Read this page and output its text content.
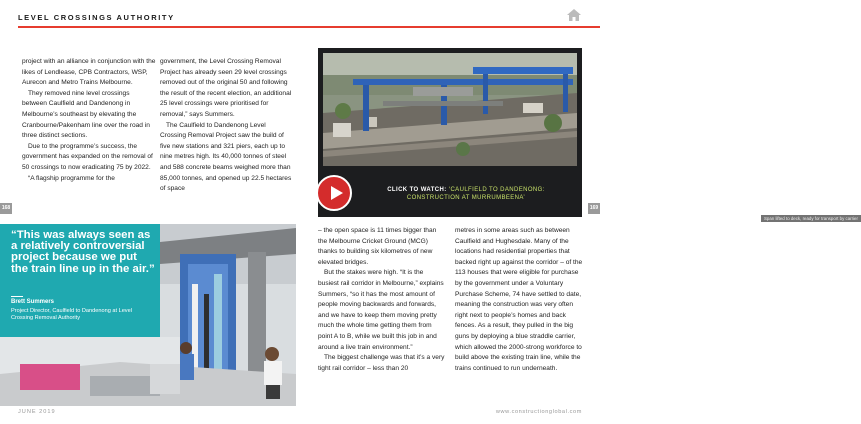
LEVEL CROSSINGS AUTHORITY

project with an alliance in conjunction with the likes of Lendlease, CPB Contractors, WSP, Aurecon and Metro Trains Melbourne.

They removed nine level crossings between Caulfield and Dandenong in Melbourne’s southeast by elevating the Cranbourne/Pakenham line over the road in three distinct sections.

Due to the programme’s success, the government has expanded on the removal of 50 crossings to now eradicating 75 by 2022.

“A flagship programme for the

government, the Level Crossing Removal Project has already seen 29 level crossings removed out of the original 50 and following the result of the recent election, an additional 25 level crossings were prioritised for removal,” says Summers.

The Caulfield to Dandenong Level Crossing Removal Project saw the build of five new stations and 321 piers, each up to nine metres high. Its 40,000 tonnes of steel and 588 concrete beams weighed more than 85,000 tonnes, and opened up 22.5 hectares of space

168	169
Span lifted to deck, ready for transport by carrier
CLICK TO WATCH: ‘CAULFIELD TO DANDENONG:
CONSTRUCTION AT MURRUMBEENA’
“This was always seen as a relatively controversial project because we put the train line up in the air.”
Brett Summers
Project Director, Caulfield to Dandenong at Level Crossing Removal Authority

– the open space is 11 times bigger than the Melbourne Cricket Ground (MCG) thanks to building six kilometres of new elevated bridges.

But the stakes were high. “It is the busiest rail corridor in Melbourne,” explains Summers, “so it has the most amount of people moving backwards and forwards, and we have to keep them moving pretty much the whole time getting them from point A to B, while we built this job in and around a live train environment.”

The biggest challenge was that it’s a very tight rail corridor – less than 20

metres in some areas such as between Caulfield and Hughesdale. Many of the locations had residential properties that backed right up against the corridor – of the 113 houses that were eligible for purchase by the government under a Voluntary Purchase Scheme, 74 have settled to date, meaning the construction was very often right next to people’s homes and back fences. As a result, they pulled in the big guns by deploying a blue straddle carrier, which allowed the 2000-strong workforce to build above the existing train line, while the trains continued to run underneath.

JUNE 2019	www.constructionglobal.com
